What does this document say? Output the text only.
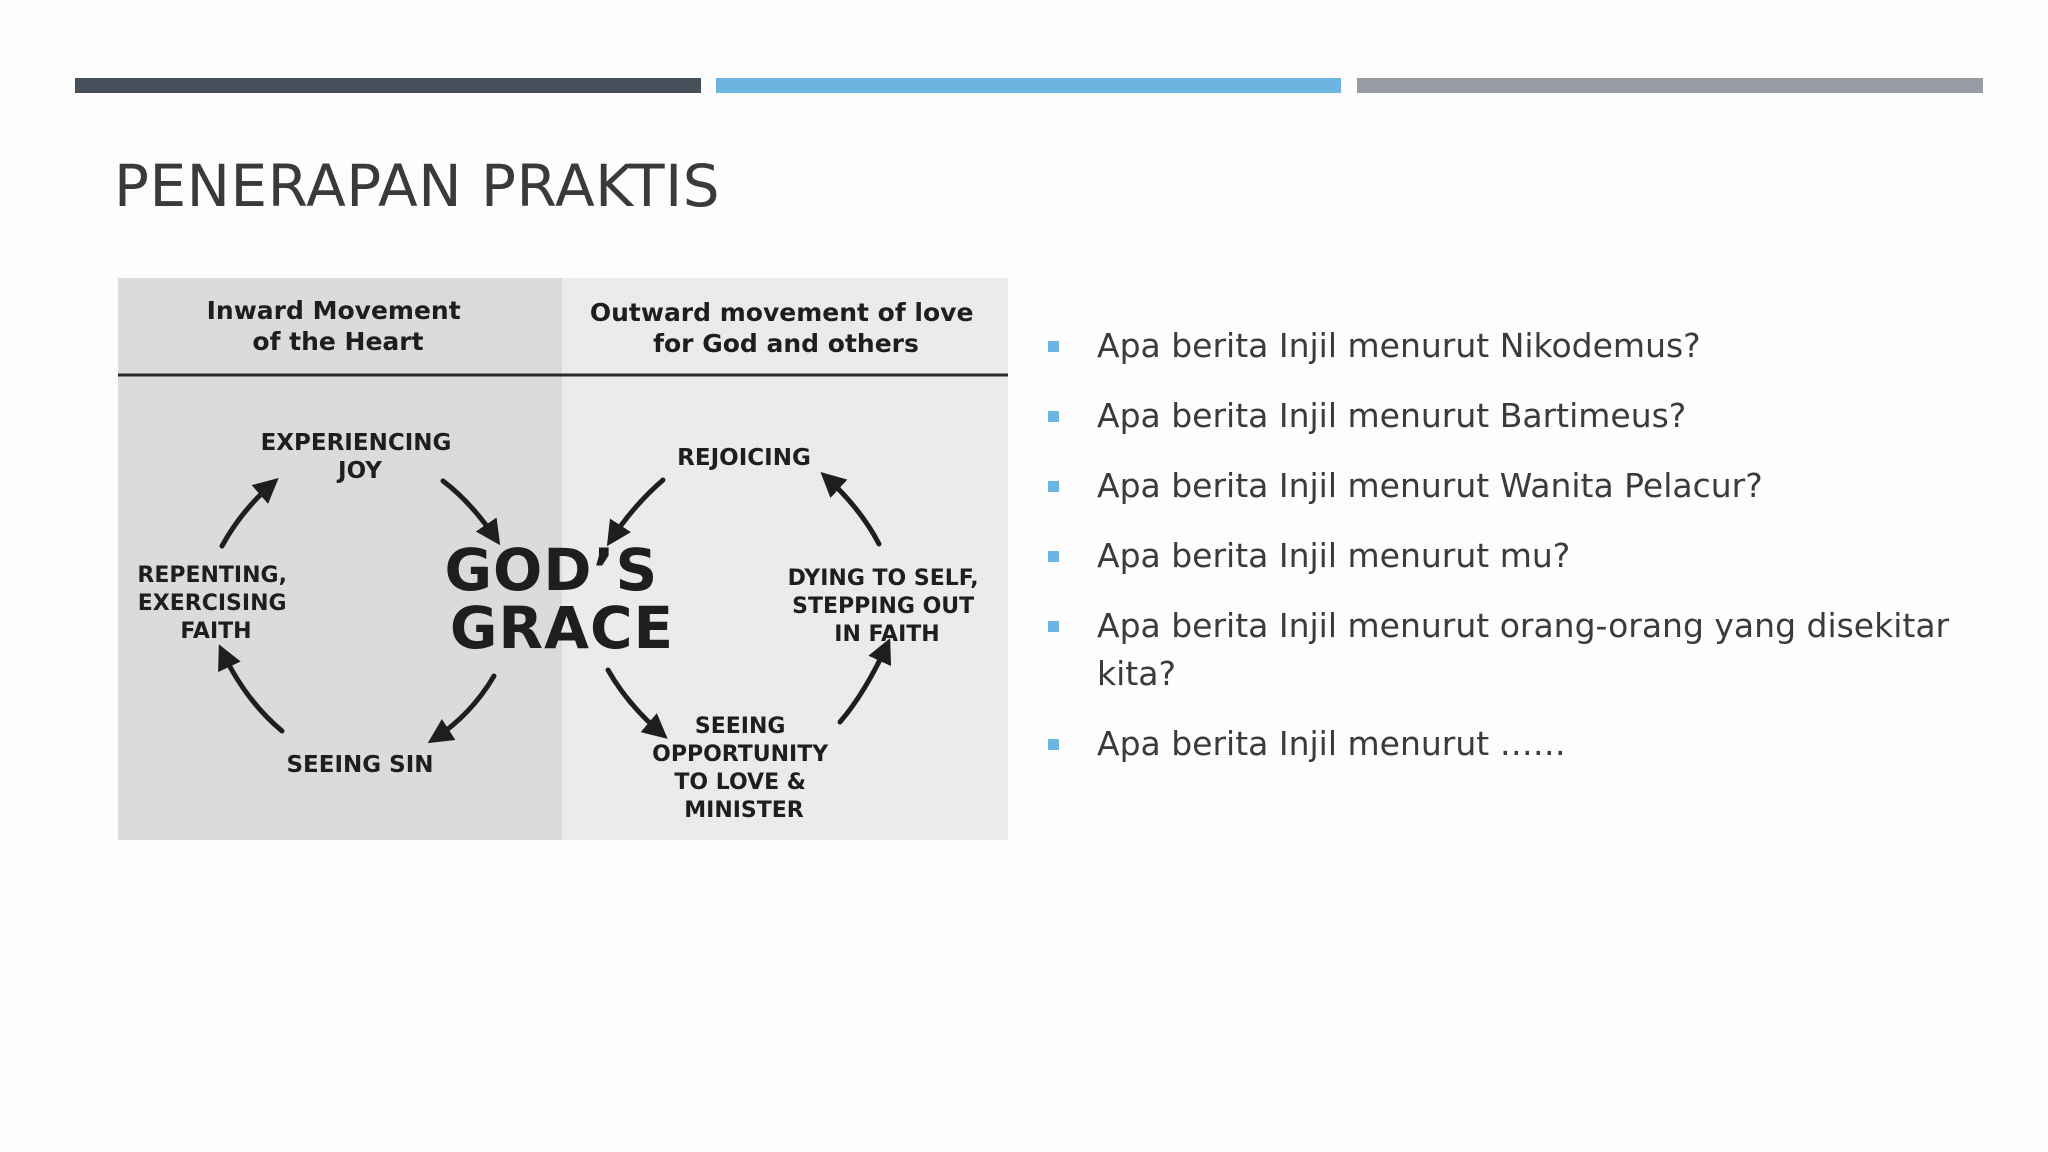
PENERAPAN PRAKTIS
Inward Movement of the Heart
Outward movement of love for God and others
GOD’S GRACE
EXPERIENCING JOY
REPENTING, EXERCISING FAITH
SEEING SIN
REJOICING
DYING TO SELF, STEPPING OUT IN FAITH
SEEING OPPORTUNITY TO LOVE & MINISTER
Apa berita Injil menurut Nikodemus?
Apa berita Injil menurut Bartimeus?
Apa berita Injil menurut Wanita Pelacur?
Apa berita Injil menurut mu?
Apa berita Injil menurut orang-orang yang disekitar kita?
Apa berita Injil menurut ……
